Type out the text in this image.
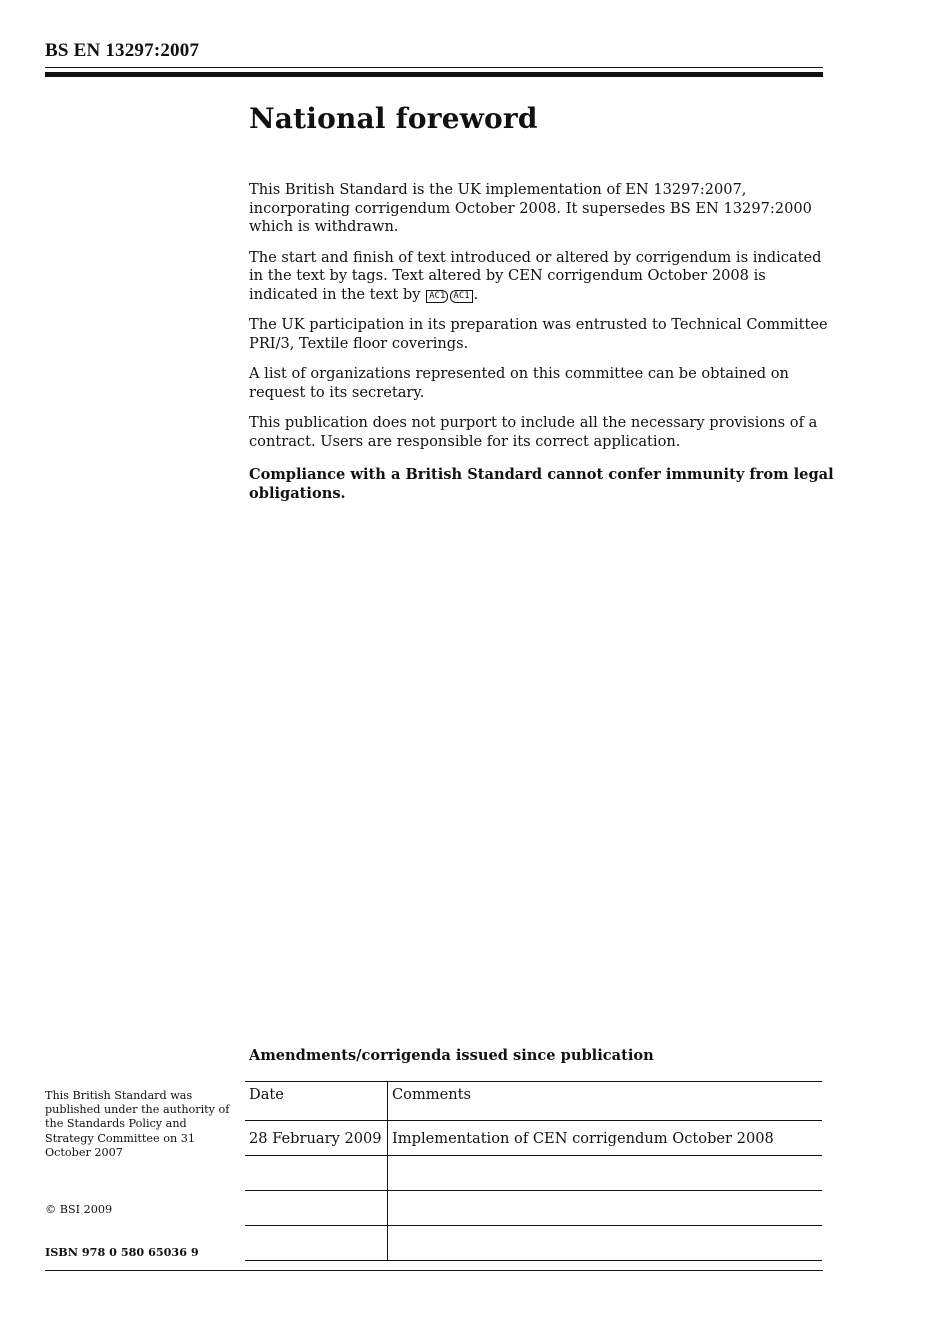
BS EN 13297:2007
National foreword

This British Standard is the UK implementation of EN 13297:2007, incorporating corrigendum October 2008. It supersedes BS EN 13297:2000 which is withdrawn.

The start and finish of text introduced or altered by corrigendum is indicated in the text by tags. Text altered by CEN corrigendum October 2008 is indicated in the text by AC1 AC1 .

The UK participation in its preparation was entrusted to Technical Committee PRI/3, Textile floor coverings.

A list of organizations represented on this committee can be obtained on request to its secretary.

This publication does not purport to include all the necessary provisions of a contract. Users are responsible for its correct application.

Compliance with a British Standard cannot confer immunity from legal obligations.

Amendments/corrigenda issued since publication
Date	Comments
28 February 2009	Implementation of CEN corrigendum October 2008

This British Standard was published under the authority of the Standards Policy and Strategy Committee on 31 October 2007
© BSI 2009
ISBN 978 0 580 65036 9
